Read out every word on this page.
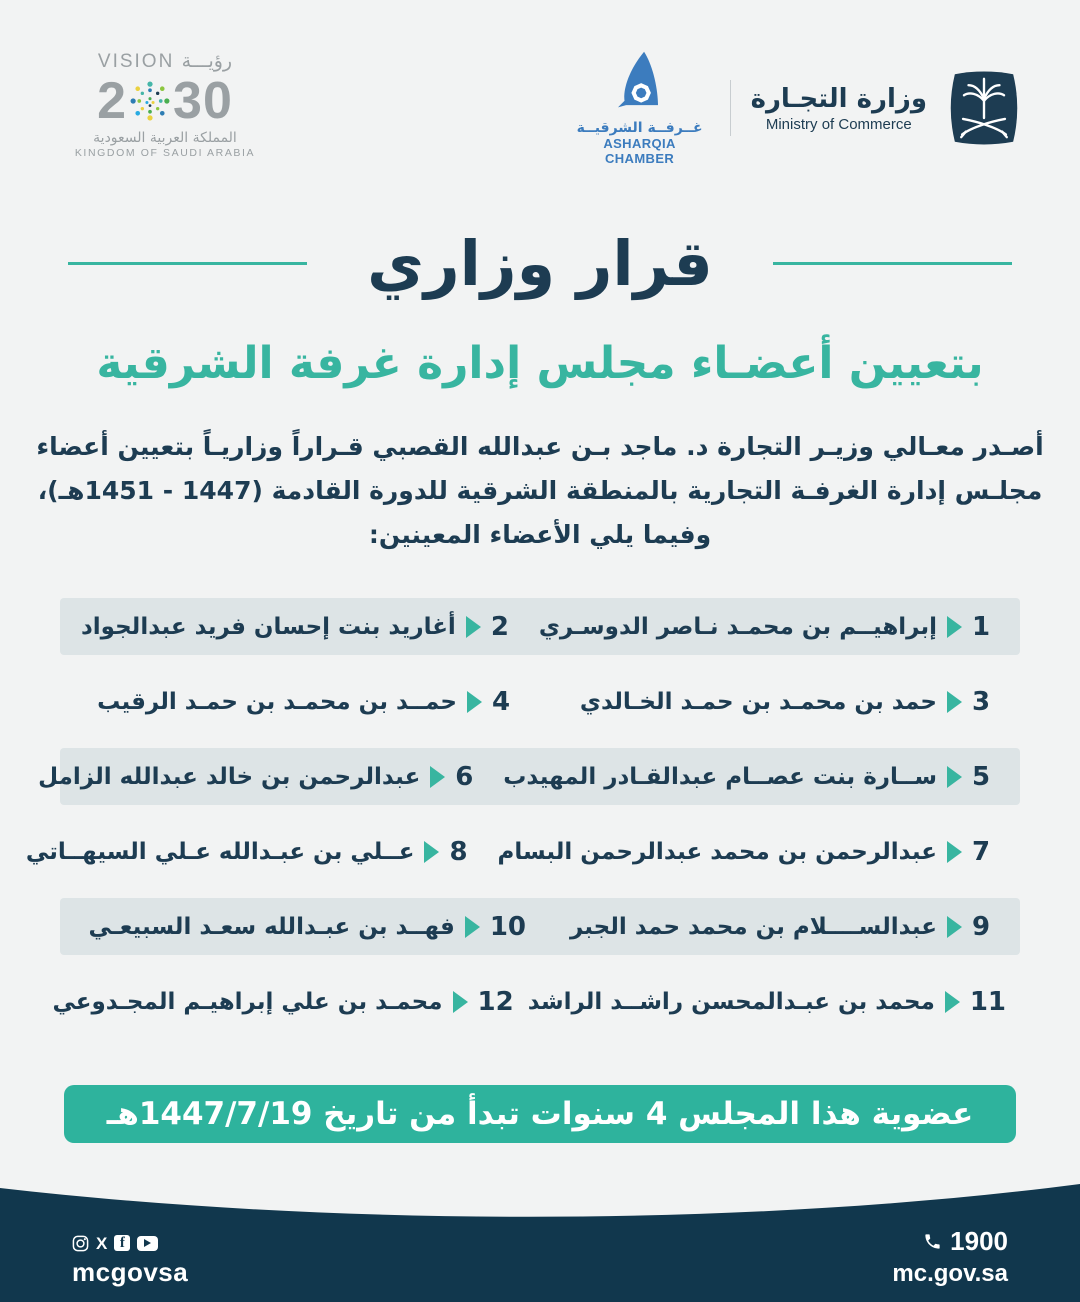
VISION رؤيـــة
2 30
المملكة العربية السعودية
KINGDOM OF SAUDI ARABIA
غــرفــة الشرقيــة
ASHARQIA CHAMBER
وزارة التجـارة
Ministry of Commerce
قرار وزاري
بتعيين أعضـاء مجلس إدارة غرفة الشرقية
أصـدر معـالي وزيـر التجارة د. ماجد بـن عبدالله القصبي قـراراً وزاريـاً بتعيين أعضاء
مجلـس إدارة الغرفـة التجارية بالمنطقة الشرقية للدورة القادمة (1447 - 1451هـ)،
وفيما يلي الأعضاء المعينين:
1
إبراهيــم بن محمـد نـاصر الدوسـري
2
أغاريد بنت إحسان فريد عبدالجواد
3
حمد بن محمـد بن حمـد الخـالدي
4
حمــد بن محمـد بن حمـد الرقيب
5
ســارة بنت عصــام عبدالقـادر المهيدب
6
عبدالرحمن بن خالد عبدالله الزامل
7
عبدالرحمن بن محمد عبدالرحمن البسام
8
عــلي بن عبـدالله عـلي السيهــاتي
9
عبدالســــلام بن محمد حمد الجبر
10
فهــد بن عبـدالله سعـد السبيعـي
11
محمد بن عبـدالمحسن راشــد الراشد
12
محمـد بن علي إبراهيـم المجـدوعي
عضوية هذا المجلس 4 سنوات تبدأ من تاريخ 1447/7/19هـ
X f
mcgovsa
1900
mc.gov.sa
